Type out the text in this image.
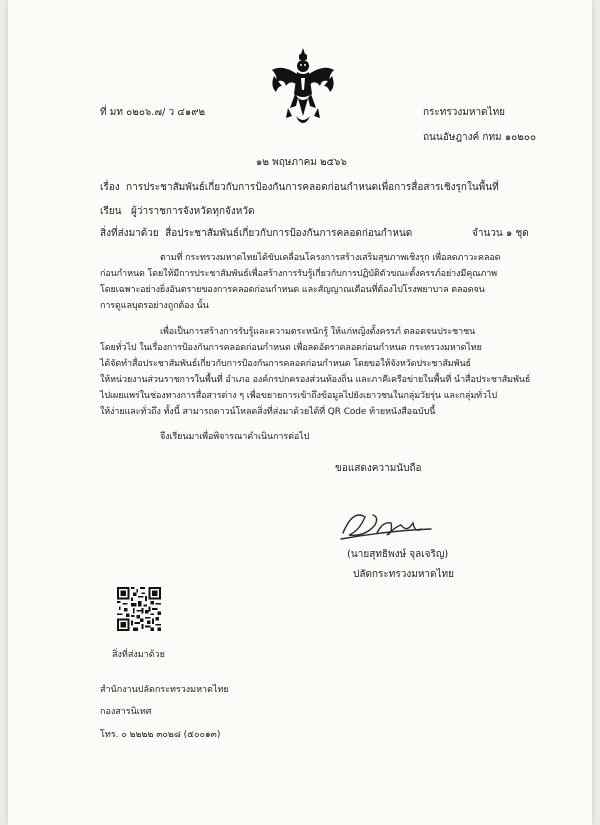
ที่ มท ๐๒๐๖.๗/ ว ๔๑๙๒	กระทรวงมหาดไทย
ถนนอัษฎางค์ กทม ๑๐๒๐๐
๑๒ พฤษภาคม ๒๕๖๖
เรื่อง การประชาสัมพันธ์เกี่ยวกับการป้องกันการคลอดก่อนกำหนดเพื่อการสื่อสารเชิงรุกในพื้นที่
เรียน ผู้ว่าราชการจังหวัดทุกจังหวัด
สิ่งที่ส่งมาด้วย สื่อประชาสัมพันธ์เกี่ยวกับการป้องกันการคลอดก่อนกำหนด	จำนวน ๑ ชุด
ตามที่ กระทรวงมหาดไทยได้ขับเคลื่อนโครงการสร้างเสริมสุขภาพเชิงรุก เพื่อลดภาวะคลอด
ก่อนกำหนด โดยให้มีการประชาสัมพันธ์เพื่อสร้างการรับรู้เกี่ยวกับการปฏิบัติตัวขณะตั้งครรภ์อย่างมีคุณภาพ
โดยเฉพาะอย่างยิ่งอันตรายของการคลอดก่อนกำหนด และสัญญาณเตือนที่ต้องไปโรงพยาบาล ตลอดจน
การดูแลบุตรอย่างถูกต้อง นั้น
เพื่อเป็นการสร้างการรับรู้และความตระหนักรู้ ให้แก่หญิงตั้งครรภ์ ตลอดจนประชาชน
โดยทั่วไป ในเรื่องการป้องกันการคลอดก่อนกำหนด เพื่อลดอัตราคลอดก่อนกำหนด กระทรวงมหาดไทย
ได้จัดทำสื่อประชาสัมพันธ์เกี่ยวกับการป้องกันการคลอดก่อนกำหนด โดยขอให้จังหวัดประชาสัมพันธ์
ให้หน่วยงานส่วนราชการในพื้นที่ อำเภอ องค์กรปกครองส่วนท้องถิ่น และภาคีเครือข่ายในพื้นที่ นำสื่อประชาสัมพันธ์
ไปเผยแพร่ในช่องทางการสื่อสารต่าง ๆ เพื่อขยายการเข้าถึงข้อมูลไปยังเยาวชนในกลุ่มวัยรุ่น และกลุ่มทั่วไป
ให้ง่ายและทั่วถึง ทั้งนี้ สามารถดาวน์โหลดสิ่งที่ส่งมาด้วยได้ที่ QR Code ท้ายหนังสือฉบับนี้
จึงเรียนมาเพื่อพิจารณาดำเนินการต่อไป
ขอแสดงความนับถือ
(นายสุทธิพงษ์ จุลเจริญ)
ปลัดกระทรวงมหาดไทย
สิ่งที่ส่งมาด้วย
สำนักงานปลัดกระทรวงมหาดไทย
กองสารนิเทศ
โทร. ๐ ๒๒๒๒ ๓๐๒๘ (๕๐๐๑๓)
